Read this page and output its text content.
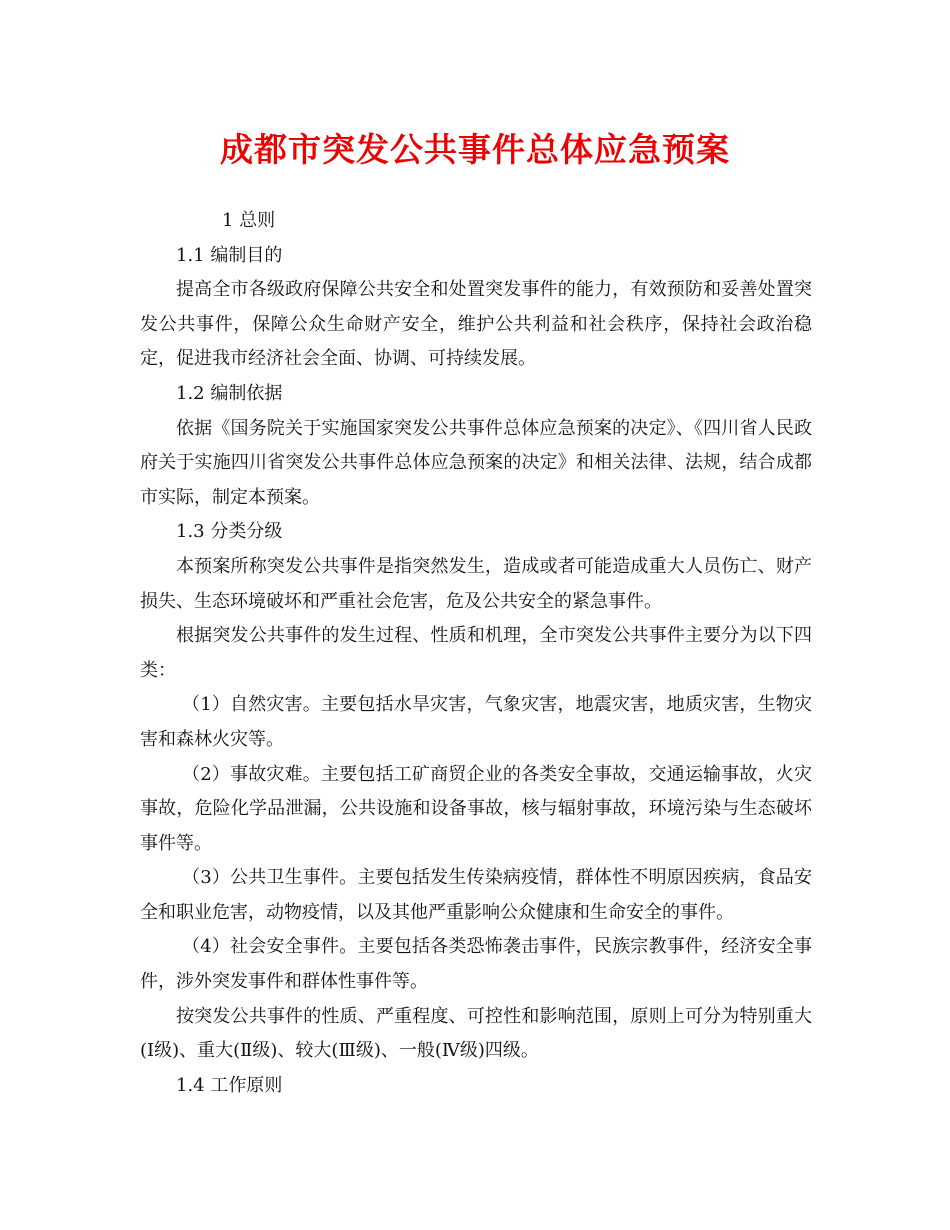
成都市突发公共事件总体应急预案

1 总则

1.1 编制目的

提高全市各级政府保障公共安全和处置突发事件的能力，有效预防和妥善处置突发公共事件，保障公众生命财产安全，维护公共利益和社会秩序，保持社会政治稳定，促进我市经济社会全面、协调、可持续发展。

1.2 编制依据

依据《国务院关于实施国家突发公共事件总体应急预案的决定》、《四川省人民政府关于实施四川省突发公共事件总体应急预案的决定》和相关法律、法规，结合成都市实际，制定本预案。

1.3 分类分级

本预案所称突发公共事件是指突然发生，造成或者可能造成重大人员伤亡、财产损失、生态环境破坏和严重社会危害，危及公共安全的紧急事件。

根据突发公共事件的发生过程、性质和机理，全市突发公共事件主要分为以下四类：

（1）自然灾害。主要包括水旱灾害，气象灾害，地震灾害，地质灾害，生物灾害和森林火灾等。

（2）事故灾难。主要包括工矿商贸企业的各类安全事故，交通运输事故，火灾事故，危险化学品泄漏，公共设施和设备事故，核与辐射事故，环境污染与生态破坏事件等。

（3）公共卫生事件。主要包括发生传染病疫情，群体性不明原因疾病，食品安全和职业危害，动物疫情，以及其他严重影响公众健康和生命安全的事件。

（4）社会安全事件。主要包括各类恐怖袭击事件，民族宗教事件，经济安全事件，涉外突发事件和群体性事件等。

按突发公共事件的性质、严重程度、可控性和影响范围，原则上可分为特别重大(Ⅰ级)、重大(Ⅱ级)、较大(Ⅲ级)、一般(Ⅳ级)四级。

1.4 工作原则
